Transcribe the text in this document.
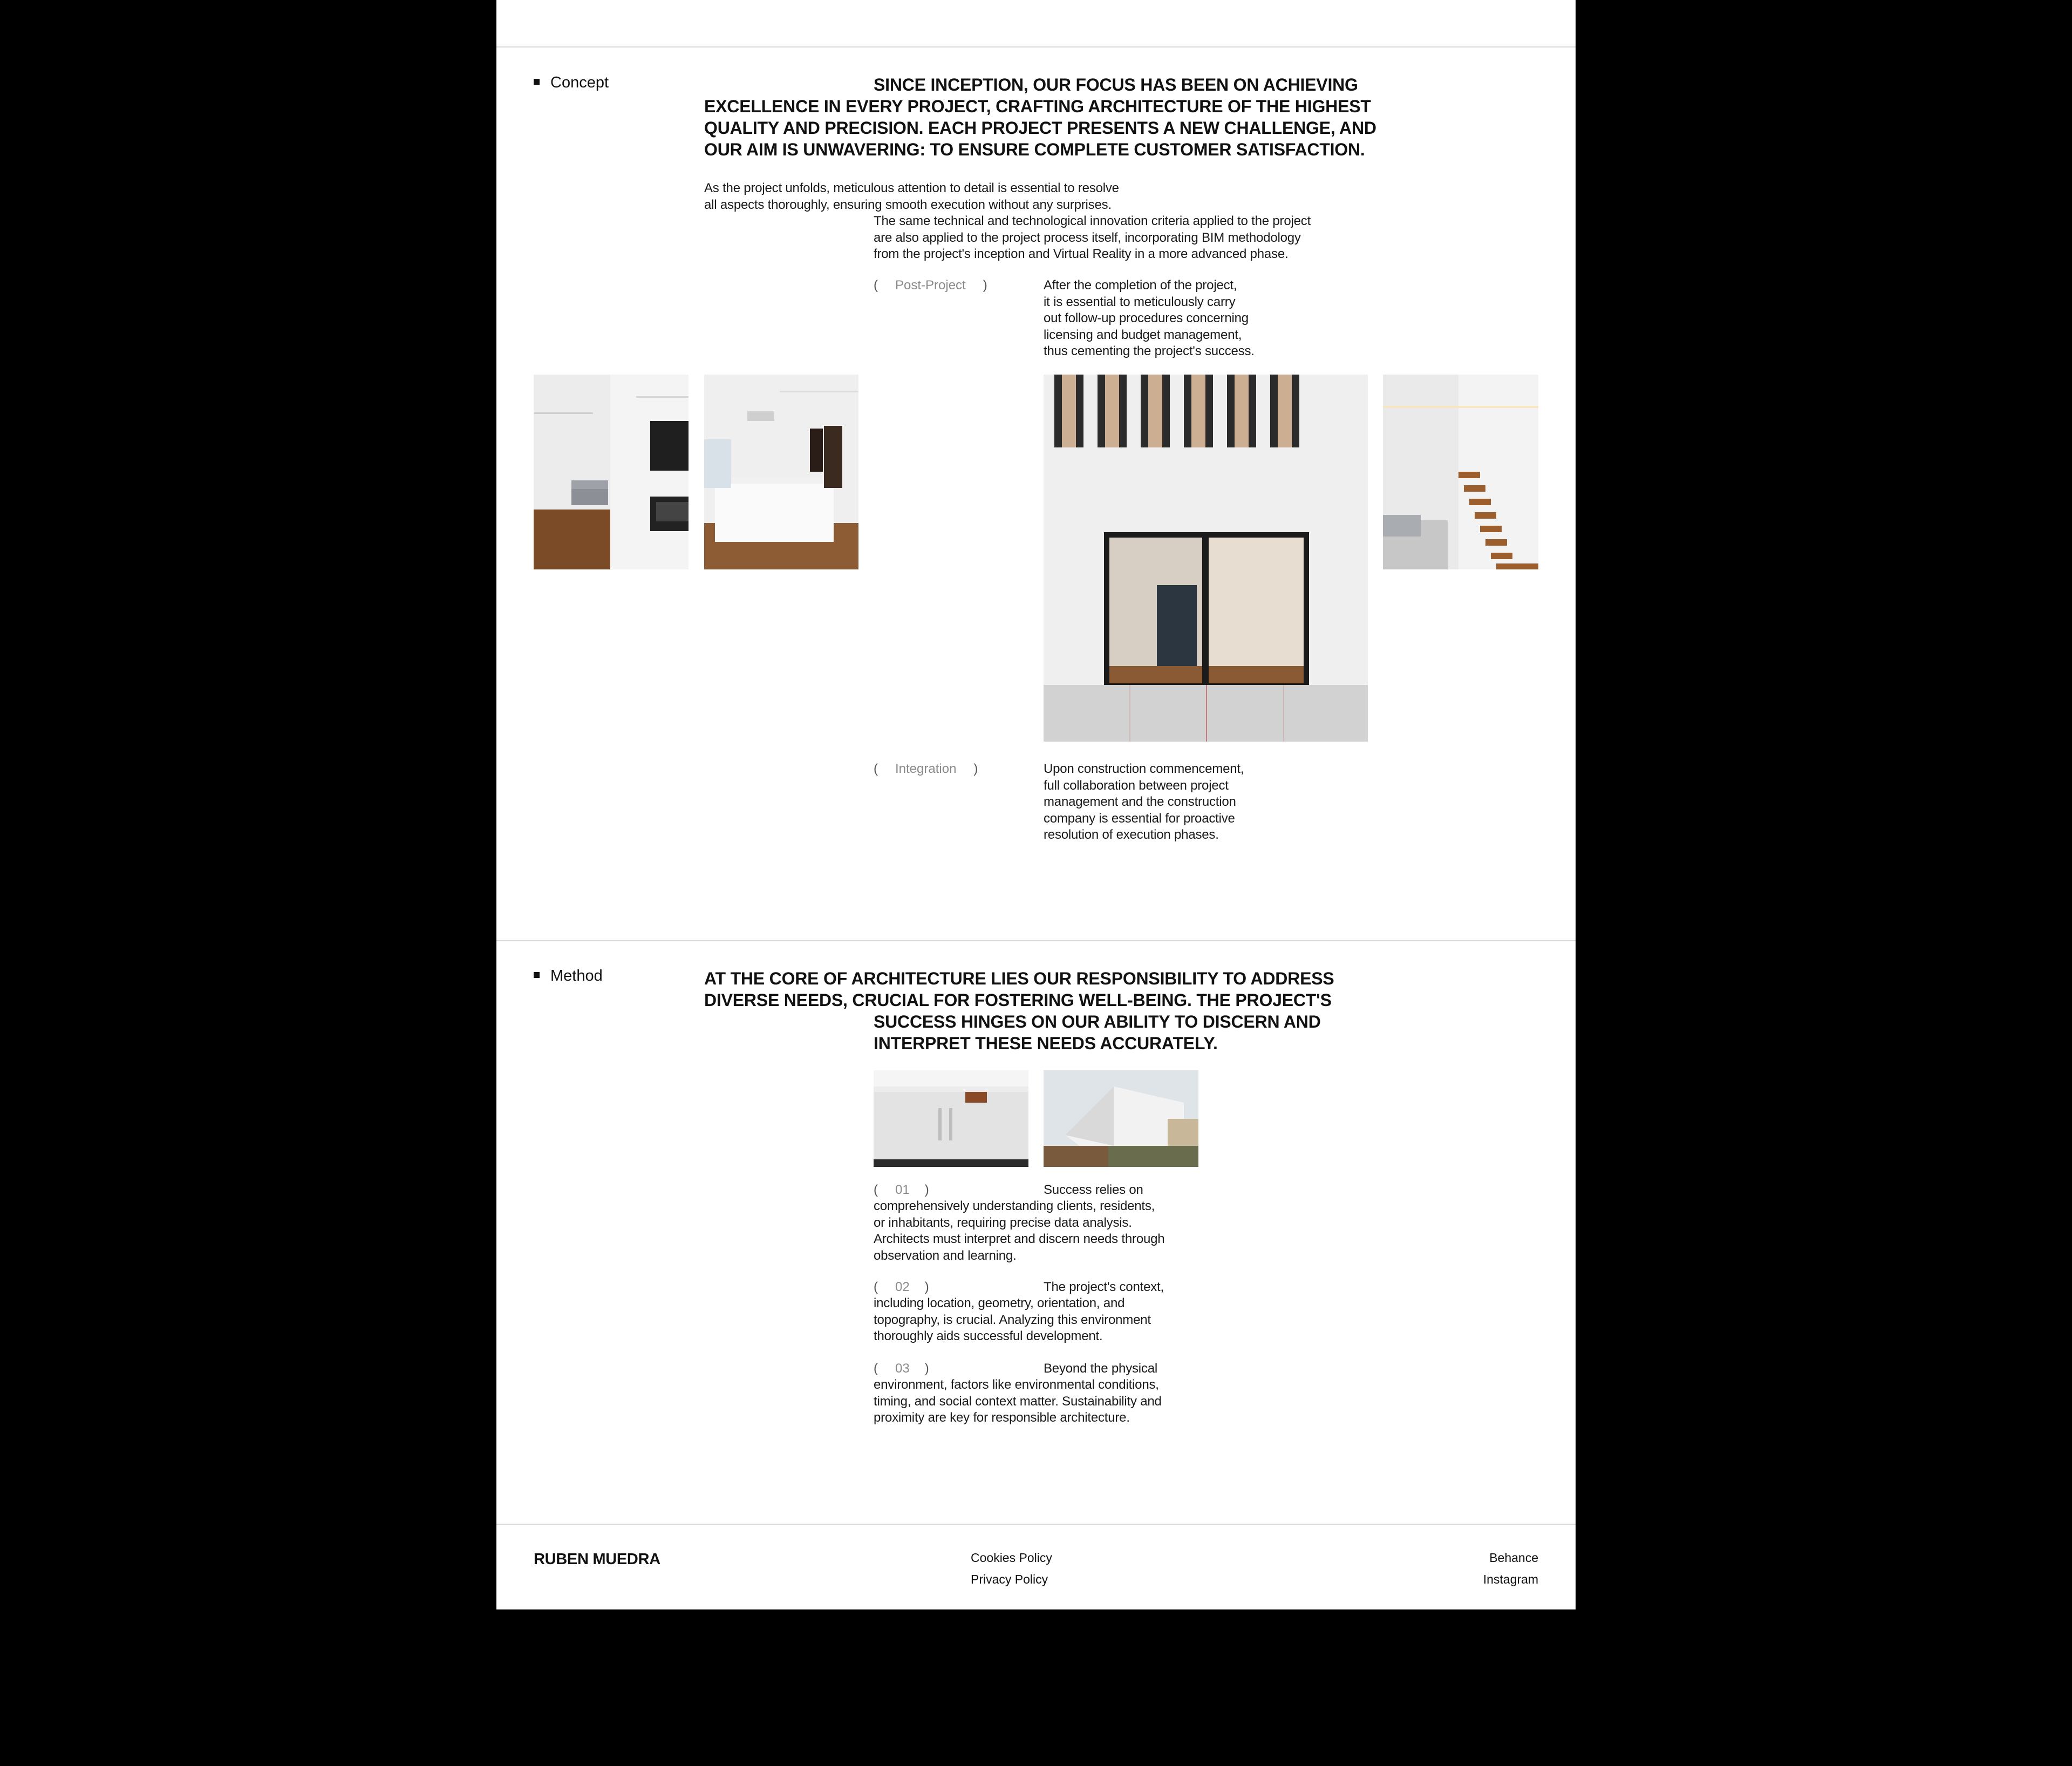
Concept	SINCE INCEPTION, OUR FOCUS HAS BEEN ON ACHIEVING
EXCELLENCE IN EVERY PROJECT, CRAFTING ARCHITECTURE OF THE HIGHEST
QUALITY AND PRECISION. EACH PROJECT PRESENTS A NEW CHALLENGE, AND
OUR AIM IS UNWAVERING: TO ENSURE COMPLETE CUSTOMER SATISFACTION.
As the project unfolds, meticulous attention to detail is essential to resolve
all aspects thoroughly, ensuring smooth execution without any surprises.
The same technical and technological innovation criteria applied to the project
are also applied to the project process itself, incorporating BIM methodology
from the project's inception and Virtual Reality in a more advanced phase.
( Post-Project )	After the completion of the project,
it is essential to meticulously carry
out follow-up procedures concerning
licensing and budget management,
thus cementing the project's success.
( Integration )	Upon construction commencement,
full collaboration between project
management and the construction
company is essential for proactive
resolution of execution phases.
Method	AT THE CORE OF ARCHITECTURE LIES OUR RESPONSIBILITY TO ADDRESS
DIVERSE NEEDS, CRUCIAL FOR FOSTERING WELL-BEING. THE PROJECT'S
SUCCESS HINGES ON OUR ABILITY TO DISCERN AND
INTERPRET THESE NEEDS ACCURATELY.
( 01 )	Success relies on
comprehensively understanding clients, residents,
or inhabitants, requiring precise data analysis.
Architects must interpret and discern needs through
observation and learning.
( 02 )	The project's context,
including location, geometry, orientation, and
topography, is crucial. Analyzing this environment
thoroughly aids successful development.
( 03 )	Beyond the physical
environment, factors like environmental conditions,
timing, and social context matter. Sustainability and
proximity are key for responsible architecture.
RUBEN MUEDRA	Cookies Policy
Privacy Policy
Behance
Instagram
